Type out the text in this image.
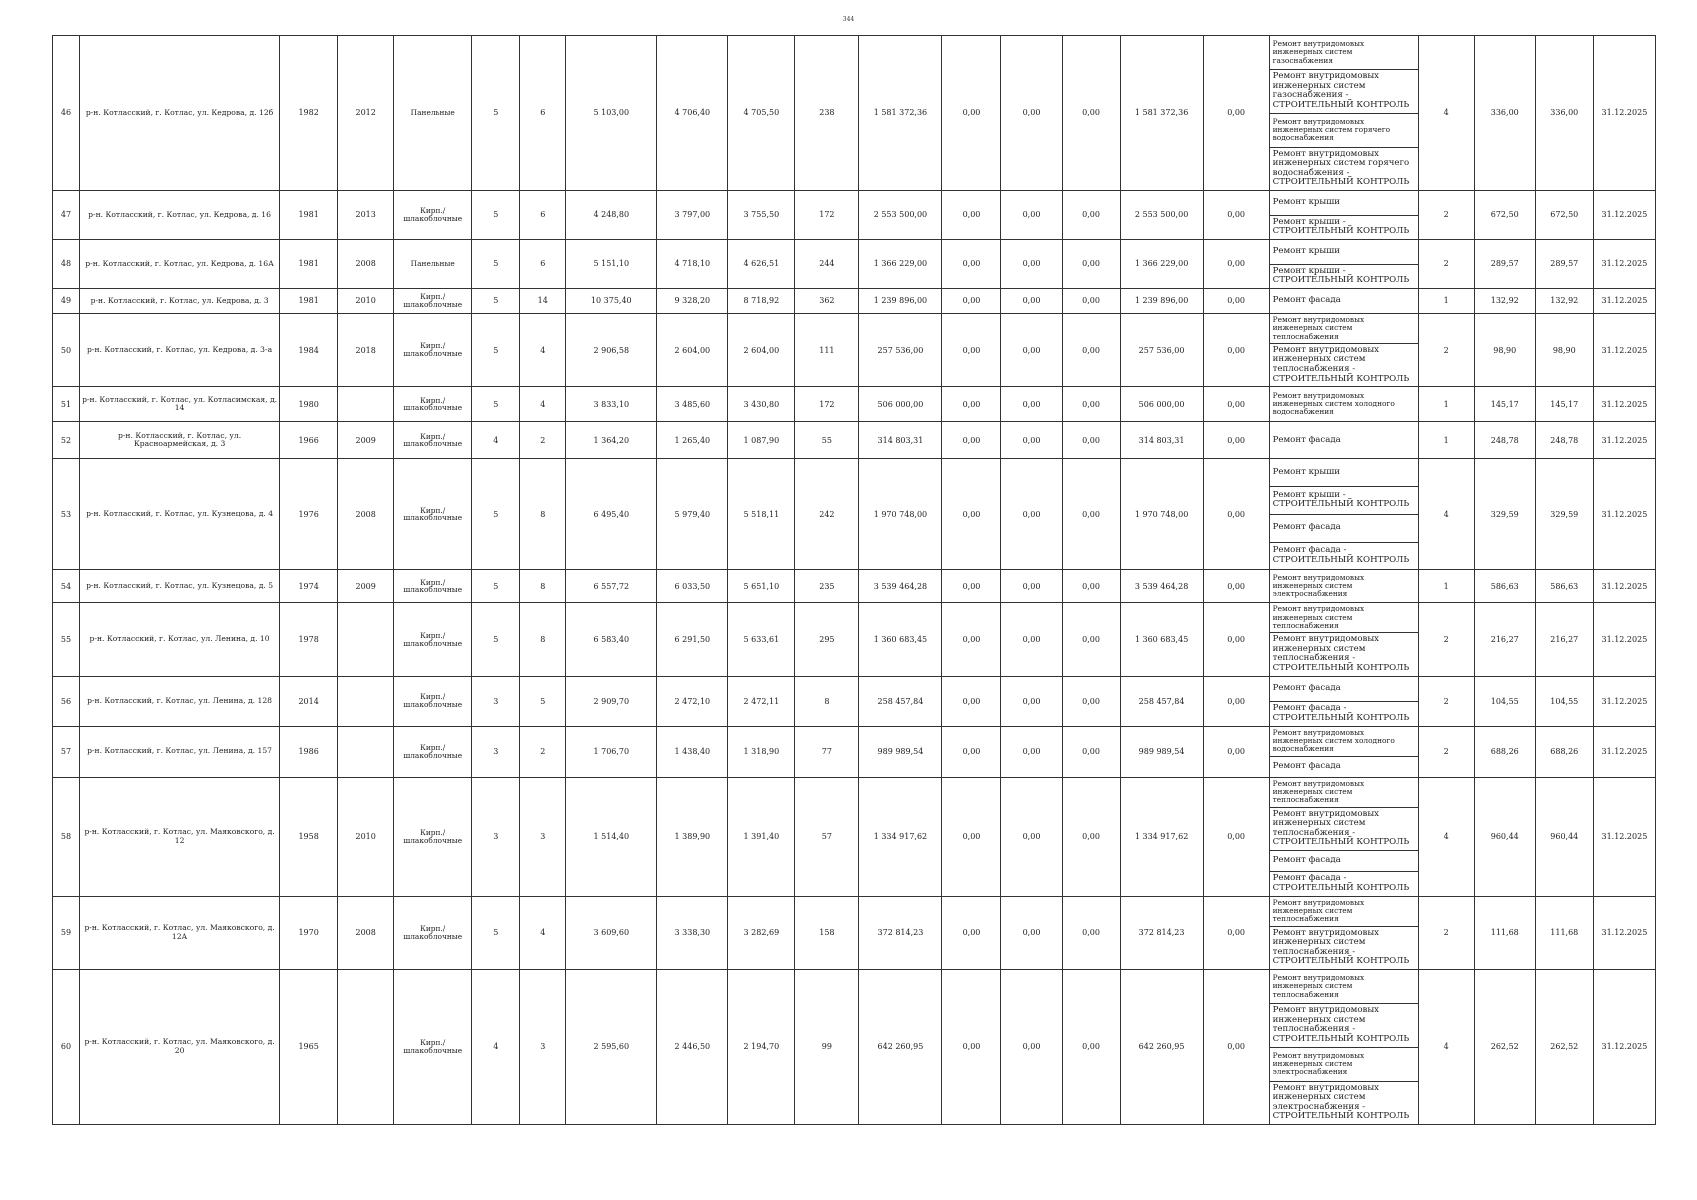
344
46	р-н. Котласский, г. Котлас, ул. Кедрова, д. 12б	1982	2012	Панельные	5	6	5 103,00	4 706,40	4 705,50	238	1 581 372,36	0,00	0,00	0,00	1 581 372,36	0,00	Ремонт внутридомовых инженерных систем газоснабжения
Ремонт внутридомовых инженерных систем газоснабжения - СТРОИТЕЛЬНЫЙ КОНТРОЛЬ
Ремонт внутридомовых инженерных систем горячего водоснабжения
Ремонт внутридомовых инженерных систем горячего водоснабжения - СТРОИТЕЛЬНЫЙ КОНТРОЛЬ	4	336,00	336,00	31.12.2025
47	р-н. Котласский, г. Котлас, ул. Кедрова, д. 16	1981	2013	Кирп./ шлакоблочные	5	6	4 248,80	3 797,00	3 755,50	172	2 553 500,00	0,00	0,00	0,00	2 553 500,00	0,00	Ремонт крыши
Ремонт крыши - СТРОИТЕЛЬНЫЙ КОНТРОЛЬ	2	672,50	672,50	31.12.2025
48	р-н. Котласский, г. Котлас, ул. Кедрова, д. 16А	1981	2008	Панельные	5	6	5 151,10	4 718,10	4 626,51	244	1 366 229,00	0,00	0,00	0,00	1 366 229,00	0,00	Ремонт крыши
Ремонт крыши - СТРОИТЕЛЬНЫЙ КОНТРОЛЬ	2	289,57	289,57	31.12.2025
49	р-н. Котласский, г. Котлас, ул. Кедрова, д. 3	1981	2010	Кирп./ шлакоблочные	5	14	10 375,40	9 328,20	8 718,92	362	1 239 896,00	0,00	0,00	0,00	1 239 896,00	0,00	Ремонт фасада	1	132,92	132,92	31.12.2025
50	р-н. Котласский, г. Котлас, ул. Кедрова, д. 3-а	1984	2018	Кирп./ шлакоблочные	5	4	2 906,58	2 604,00	2 604,00	111	257 536,00	0,00	0,00	0,00	257 536,00	0,00	Ремонт внутридомовых инженерных систем теплоснабжения
Ремонт внутридомовых инженерных систем теплоснабжения - СТРОИТЕЛЬНЫЙ КОНТРОЛЬ	2	98,90	98,90	31.12.2025
51	р-н. Котласский, г. Котлас, ул. Котласимская, д. 14	1980		Кирп./ шлакоблочные	5	4	3 833,10	3 485,60	3 430,80	172	506 000,00	0,00	0,00	0,00	506 000,00	0,00	Ремонт внутридомовых инженерных систем холодного водоснабжения	1	145,17	145,17	31.12.2025
52	р-н. Котласский, г. Котлас, ул. Красноармейская, д. 3	1966	2009	Кирп./ шлакоблочные	4	2	1 364,20	1 265,40	1 087,90	55	314 803,31	0,00	0,00	0,00	314 803,31	0,00	Ремонт фасада	1	248,78	248,78	31.12.2025
53	р-н. Котласский, г. Котлас, ул. Кузнецова, д. 4	1976	2008	Кирп./ шлакоблочные	5	8	6 495,40	5 979,40	5 518,11	242	1 970 748,00	0,00	0,00	0,00	1 970 748,00	0,00	Ремонт крыши
Ремонт крыши - СТРОИТЕЛЬНЫЙ КОНТРОЛЬ
Ремонт фасада
Ремонт фасада - СТРОИТЕЛЬНЫЙ КОНТРОЛЬ	4	329,59	329,59	31.12.2025
54	р-н. Котласский, г. Котлас, ул. Кузнецова, д. 5	1974	2009	Кирп./ шлакоблочные	5	8	6 557,72	6 033,50	5 651,10	235	3 539 464,28	0,00	0,00	0,00	3 539 464,28	0,00	Ремонт внутридомовых инженерных систем электроснабжения	1	586,63	586,63	31.12.2025
55	р-н. Котласский, г. Котлас, ул. Ленина, д. 10	1978		Кирп./ шлакоблочные	5	8	6 583,40	6 291,50	5 633,61	295	1 360 683,45	0,00	0,00	0,00	1 360 683,45	0,00	Ремонт внутридомовых инженерных систем теплоснабжения
Ремонт внутридомовых инженерных систем теплоснабжения - СТРОИТЕЛЬНЫЙ КОНТРОЛЬ	2	216,27	216,27	31.12.2025
56	р-н. Котласский, г. Котлас, ул. Ленина, д. 128	2014		Кирп./ шлакоблочные	3	5	2 909,70	2 472,10	2 472,11	8	258 457,84	0,00	0,00	0,00	258 457,84	0,00	Ремонт фасада
Ремонт фасада - СТРОИТЕЛЬНЫЙ КОНТРОЛЬ	2	104,55	104,55	31.12.2025
57	р-н. Котласский, г. Котлас, ул. Ленина, д. 157	1986		Кирп./ шлакоблочные	3	2	1 706,70	1 438,40	1 318,90	77	989 989,54	0,00	0,00	0,00	989 989,54	0,00	Ремонт внутридомовых инженерных систем холодного водоснабжения
Ремонт фасада	2	688,26	688,26	31.12.2025
58	р-н. Котласский, г. Котлас, ул. Маяковского, д. 12	1958	2010	Кирп./ шлакоблочные	3	3	1 514,40	1 389,90	1 391,40	57	1 334 917,62	0,00	0,00	0,00	1 334 917,62	0,00	Ремонт внутридомовых инженерных систем теплоснабжения
Ремонт внутридомовых инженерных систем теплоснабжения - СТРОИТЕЛЬНЫЙ КОНТРОЛЬ
Ремонт фасада
Ремонт фасада - СТРОИТЕЛЬНЫЙ КОНТРОЛЬ	4	960,44	960,44	31.12.2025
59	р-н. Котласский, г. Котлас, ул. Маяковского, д. 12А	1970	2008	Кирп./ шлакоблочные	5	4	3 609,60	3 338,30	3 282,69	158	372 814,23	0,00	0,00	0,00	372 814,23	0,00	Ремонт внутридомовых инженерных систем теплоснабжения
Ремонт внутридомовых инженерных систем теплоснабжения - СТРОИТЕЛЬНЫЙ КОНТРОЛЬ	2	111,68	111,68	31.12.2025
60	р-н. Котласский, г. Котлас, ул. Маяковского, д. 20	1965		Кирп./ шлакоблочные	4	3	2 595,60	2 446,50	2 194,70	99	642 260,95	0,00	0,00	0,00	642 260,95	0,00	Ремонт внутридомовых инженерных систем теплоснабжения
Ремонт внутридомовых инженерных систем теплоснабжения - СТРОИТЕЛЬНЫЙ КОНТРОЛЬ
Ремонт внутридомовых инженерных систем электроснабжения
Ремонт внутридомовых инженерных систем электроснабжения - СТРОИТЕЛЬНЫЙ КОНТРОЛЬ	4	262,52	262,52	31.12.2025
